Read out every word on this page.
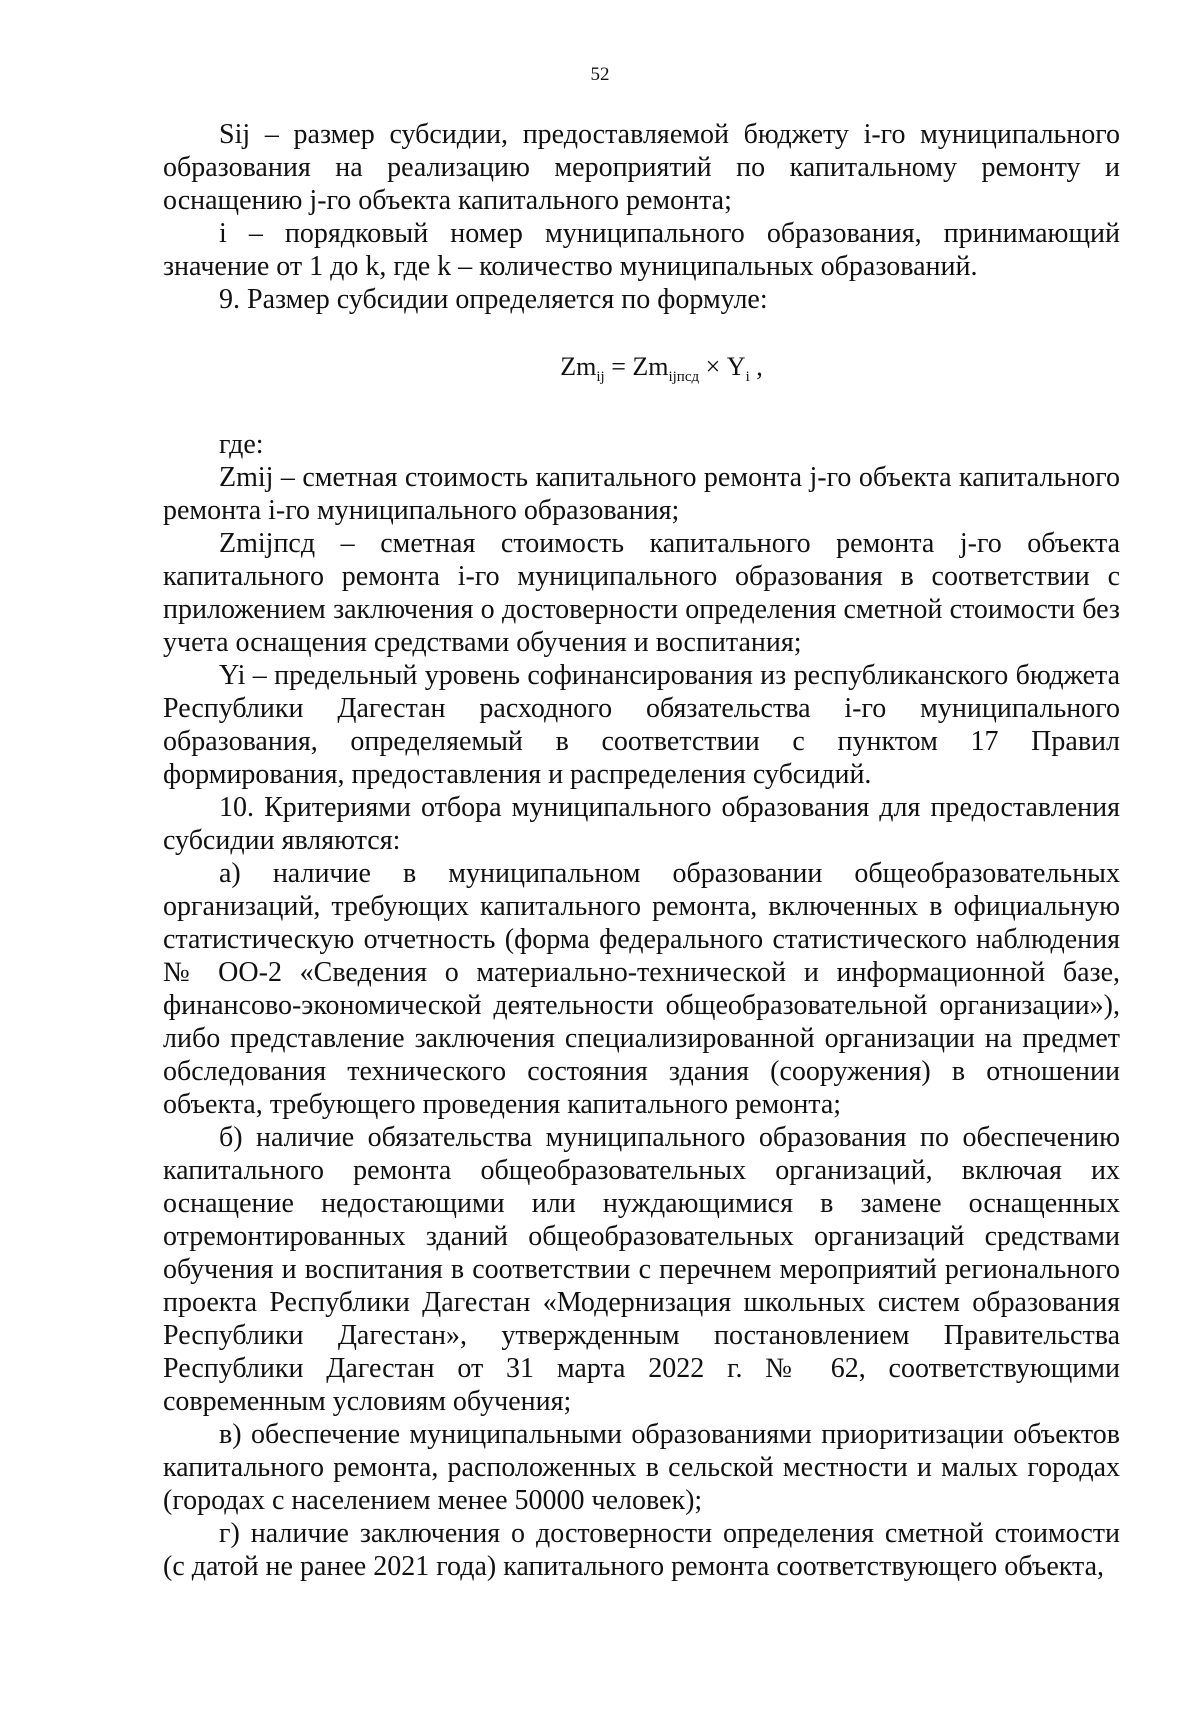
52

Sij – размер субсидии, предоставляемой бюджету i-го муниципального образования на реализацию мероприятий по капитальному ремонту и оснащению j-го объекта капитального ремонта;

i – порядковый номер муниципального образования, принимающий значение от 1 до k, где k – количество муниципальных образований.

9. Размер субсидии определяется по формуле:

$Zm_{ij} = Zm_{ijпсд} \times Y_i$ ,

где:

Zmij – сметная стоимость капитального ремонта j-го объекта капитального ремонта i-го муниципального образования;

Zmijпсд – сметная стоимость капитального ремонта j-го объекта капитального ремонта i-го муниципального образования в соответствии с приложением заключения о достоверности определения сметной стоимости без учета оснащения средствами обучения и воспитания;

Yi – предельный уровень софинансирования из республиканского бюджета Республики Дагестан расходного обязательства i-го муниципального образования, определяемый в соответствии с пунктом 17 Правил формирования, предоставления и распределения субсидий.

10. Критериями отбора муниципального образования для предоставления субсидии являются:

а) наличие в муниципальном образовании общеобразовательных организаций, требующих капитального ремонта, включенных в официальную статистическую отчетность (форма федерального статистического наблюдения № ОО-2 «Сведения о материально-технической и информационной базе, финансово-экономической деятельности общеобразовательной организации»), либо представление заключения специализированной организации на предмет обследования технического состояния здания (сооружения) в отношении объекта, требующего проведения капитального ремонта;

б) наличие обязательства муниципального образования по обеспечению капитального ремонта общеобразовательных организаций, включая их оснащение недостающими или нуждающимися в замене оснащенных отремонтированных зданий общеобразовательных организаций средствами обучения и воспитания в соответствии с перечнем мероприятий регионального проекта Республики Дагестан «Модернизация школьных систем образования Республики Дагестан», утвержденным постановлением Правительства Республики Дагестан от 31 марта 2022 г. № 62, соответствующими современным условиям обучения;

в) обеспечение муниципальными образованиями приоритизации объектов капитального ремонта, расположенных в сельской местности и малых городах (городах с населением менее 50000 человек);

г) наличие заключения о достоверности определения сметной стоимости (с датой не ранее 2021 года) капитального ремонта соответствующего объекта,
